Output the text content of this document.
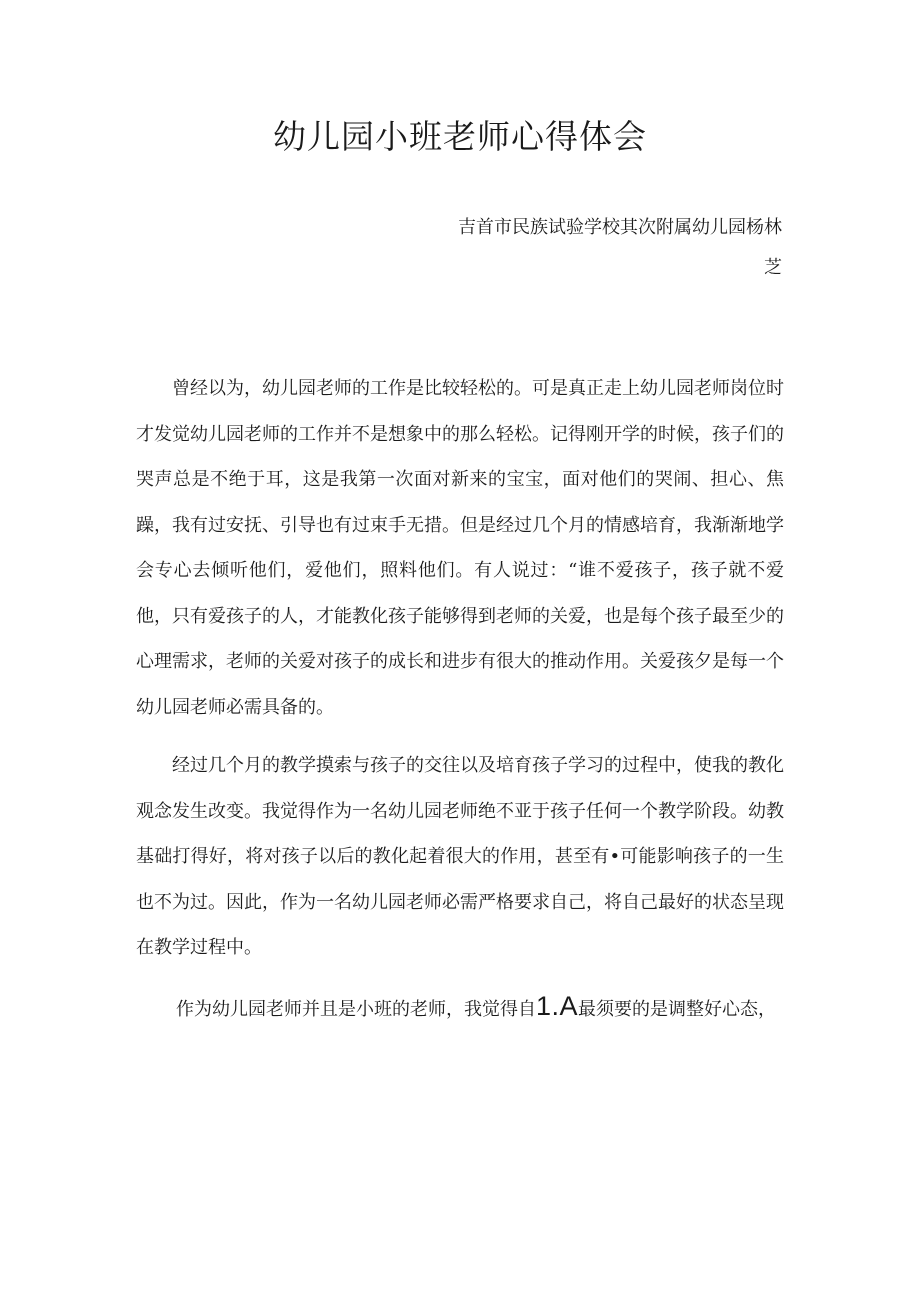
幼儿园小班老师心得体会
吉首市民族试验学校其次附属幼儿园杨林
芝

曾经以为，幼儿园老师的工作是比较轻松的。可是真正走上幼儿园老师岗位时才发觉幼儿园老师的工作并不是想象中的那么轻松。记得刚开学的时候，孩子们的哭声总是不绝于耳，这是我第一次面对新来的宝宝，面对他们的哭闹、担心、焦躁，我有过安抚、引导也有过束手无措。但是经过几个月的情感培育，我渐渐地学会专心去倾听他们，爱他们，照料他们。有人说过：“谁不爱孩子，孩子就不爱他，只有爱孩子的人，才能教化孩子能够得到老师的关爱，也是每个孩子最至少的心理需求，老师的关爱对孩子的成长和进步有很大的推动作用。关爱孩夕是每一个幼儿园老师必需具备的。

经过几个月的教学摸索与孩子的交往以及培育孩子学习的过程中，使我的教化观念发生改变。我觉得作为一名幼儿园老师绝不亚于孩子任何一个教学阶段。幼教基础打得好，将对孩子以后的教化起着很大的作用，甚至有•可能影响孩子的一生也不为过。因此，作为一名幼儿园老师必需严格要求自己，将自己最好的状态呈现在教学过程中。

作为幼儿园老师并且是小班的老师，我觉得自1.A最须要的是调整好心态，
